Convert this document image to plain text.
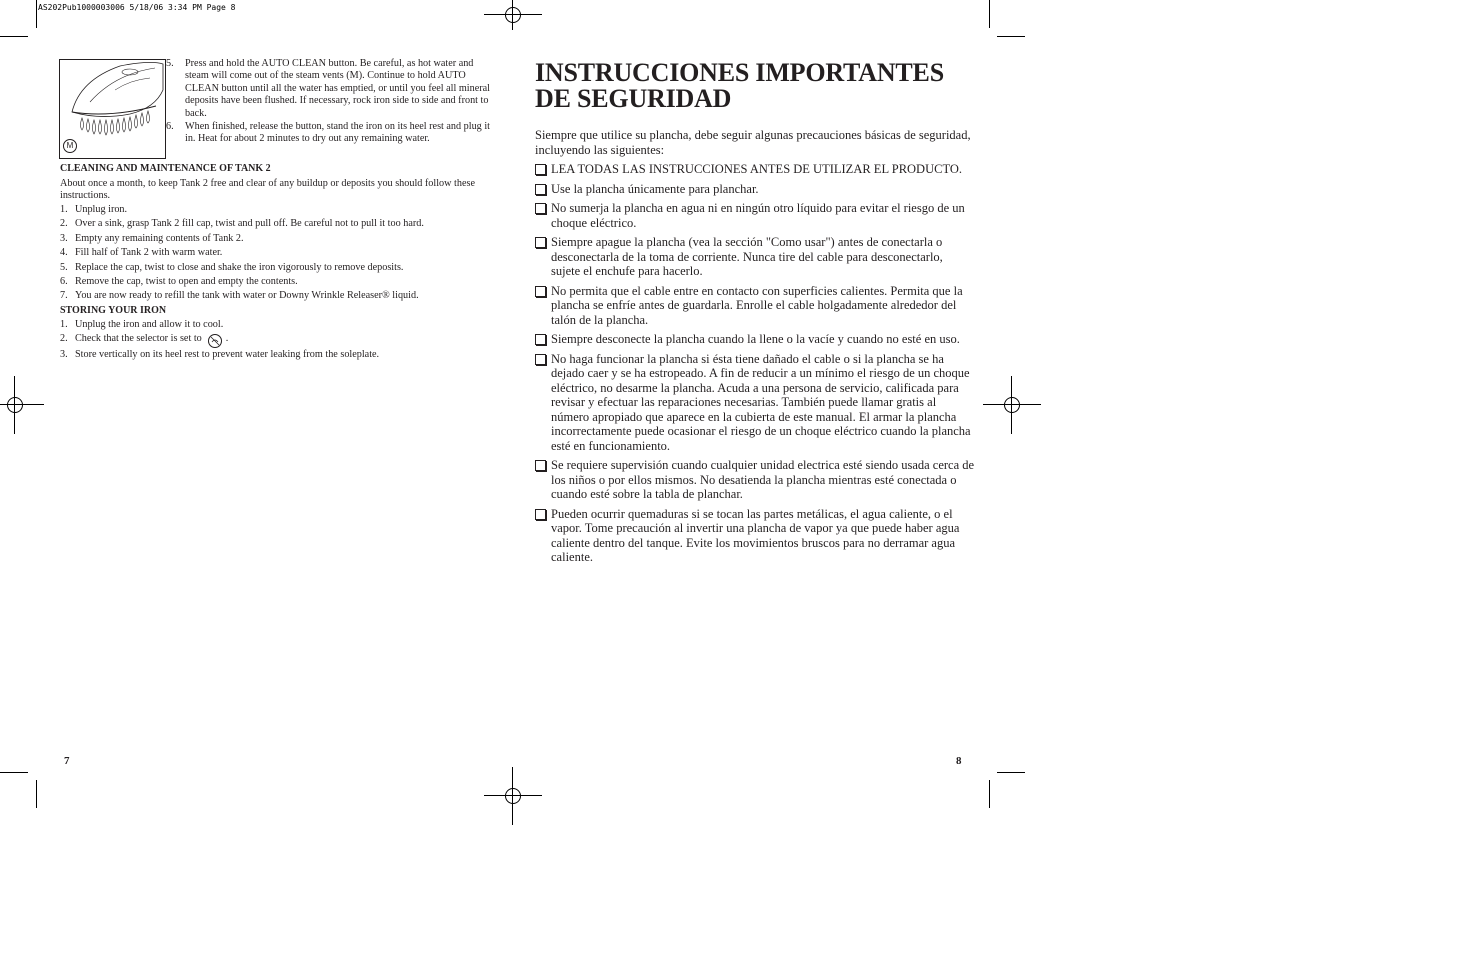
AS202Pub1000003006 5/18/06 3:34 PM Page 8
M
5. Press and hold the AUTO CLEAN button. Be careful, as hot water and steam will come out of the steam vents (M). Continue to hold AUTO CLEAN button until all the water has emptied, or until you feel all mineral deposits have been flushed. If necessary, rock iron side to side and front to back.
6. When finished, release the button, stand the iron on its heel rest and plug it in. Heat for about 2 minutes to dry out any remaining water.
CLEANING AND MAINTENANCE OF TANK 2
About once a month, to keep Tank 2 free and clear of any buildup or deposits you should follow these instructions.
1. Unplug iron.
2. Over a sink, grasp Tank 2 fill cap, twist and pull off. Be careful not to pull it too hard.
3. Empty any remaining contents of Tank 2.
4. Fill half of Tank 2 with warm water.
5. Replace the cap, twist to close and shake the iron vigorously to remove deposits.
6. Remove the cap, twist to open and empty the contents.
7. You are now ready to refill the tank with water or Downy Wrinkle Releaser® liquid.
STORING YOUR IRON
1. Unplug the iron and allow it to cool.
2. Check that the selector is set to .
3. Store vertically on its heel rest to prevent water leaking from the soleplate.
7
INSTRUCCIONES IMPORTANTES
DE SEGURIDAD
Siempre que utilice su plancha, debe seguir algunas precauciones básicas de seguridad, incluyendo las siguientes:
LEA TODAS LAS INSTRUCCIONES ANTES DE UTILIZAR EL PRODUCTO.
Use la plancha únicamente para planchar.
No sumerja la plancha en agua ni en ningún otro líquido para evitar el riesgo de un choque eléctrico.
Siempre apague la plancha (vea la sección "Como usar") antes de conectarla o desconectarla de la toma de corriente. Nunca tire del cable para desconectarlo, sujete el enchufe para hacerlo.
No permita que el cable entre en contacto con superficies calientes. Permita que la plancha se enfríe antes de guardarla. Enrolle el cable holgadamente alrededor del talón de la plancha.
Siempre desconecte la plancha cuando la llene o la vacíe y cuando no esté en uso.
No haga funcionar la plancha si ésta tiene dañado el cable o si la plancha se ha dejado caer y se ha estropeado. A fin de reducir a un mínimo el riesgo de un choque eléctrico, no desarme la plancha. Acuda a una persona de servicio, calificada para revisar y efectuar las reparaciones necesarias. También puede llamar gratis al número apropiado que aparece en la cubierta de este manual. El armar la plancha incorrectamente puede ocasionar el riesgo de un choque eléctrico cuando la plancha esté en funcionamiento.
Se requiere supervisión cuando cualquier unidad electrica esté siendo usada cerca de los niños o por ellos mismos. No desatienda la plancha mientras esté conectada o cuando esté sobre la tabla de planchar.
Pueden ocurrir quemaduras si se tocan las partes metálicas, el agua caliente, o el vapor. Tome precaución al invertir una plancha de vapor ya que puede haber agua caliente dentro del tanque. Evite los movimientos bruscos para no derramar agua caliente.
8
